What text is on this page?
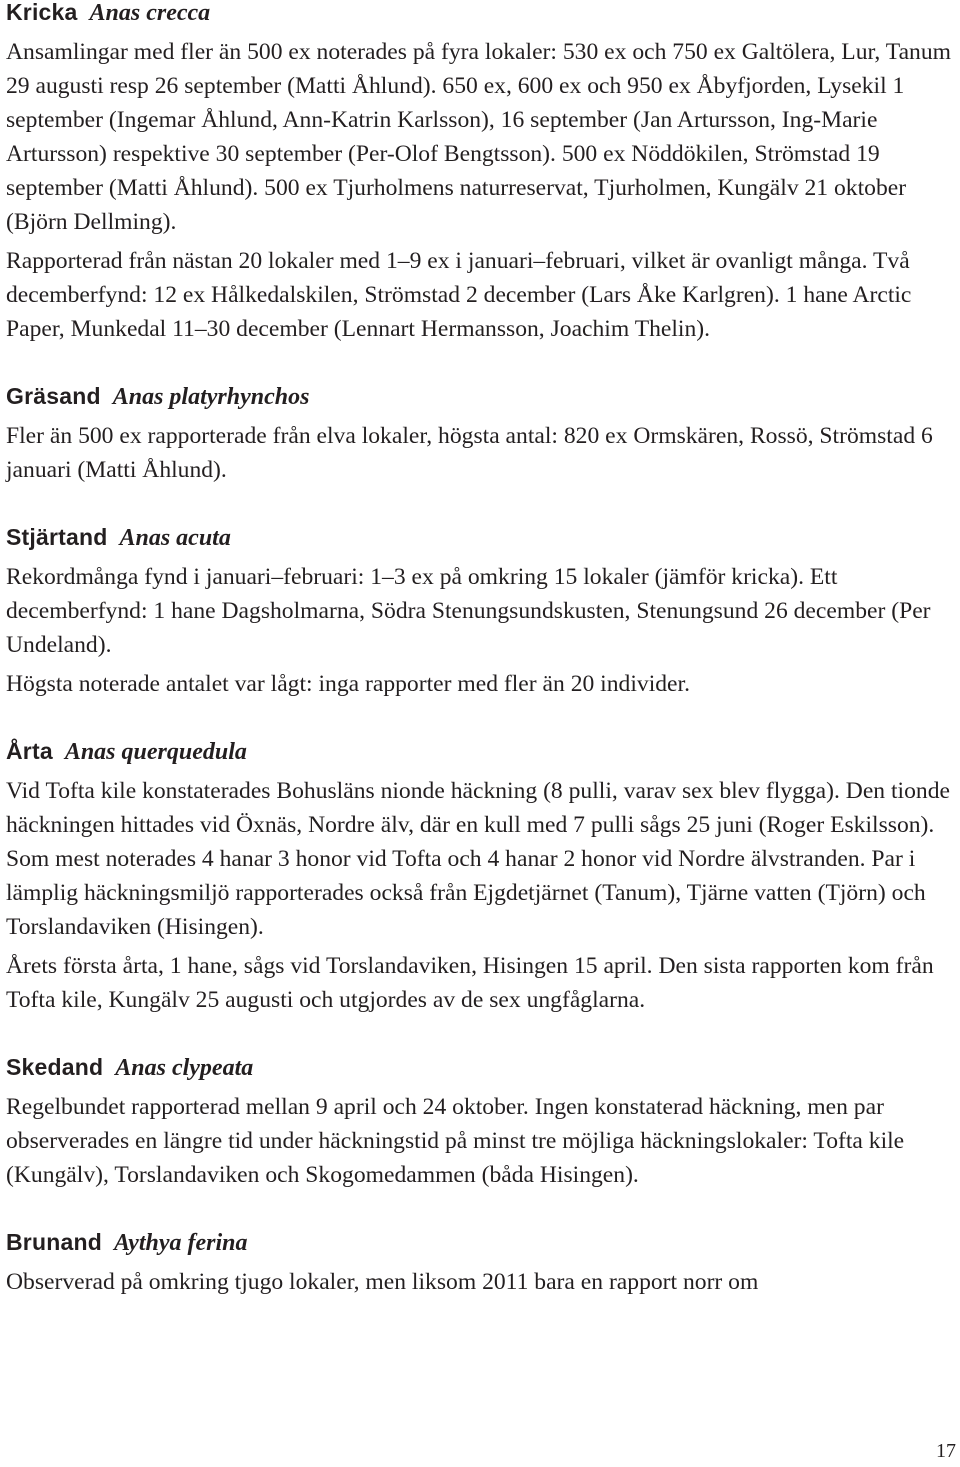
Kricka Anas crecca

Ansamlingar med fler än 500 ex noterades på fyra lokaler: 530 ex och 750 ex Galtölera, Lur, Tanum 29 augusti resp 26 september (Matti Åhlund). 650 ex, 600 ex och 950 ex Åbyfjorden, Lysekil 1 september (Ingemar Åhlund, Ann-Katrin Karlsson), 16 september (Jan Artursson, Ing-Marie Artursson) respektive 30 september (Per-Olof Bengtsson). 500 ex Nöddökilen, Strömstad 19 september (Matti Åhlund). 500 ex Tjurholmens naturreservat, Tjurholmen, Kungälv 21 oktober (Björn Dellming).

Rapporterad från nästan 20 lokaler med 1–9 ex i januari–februari, vilket är ovanligt många. Två decemberfynd: 12 ex Hålkedalskilen, Strömstad 2 december (Lars Åke Karlgren). 1 hane Arctic Paper, Munkedal 11–30 december (Lennart Hermansson, Joachim Thelin).

Gräsand Anas platyrhynchos

Fler än 500 ex rapporterade från elva lokaler, högsta antal: 820 ex Ormskären, Rossö, Strömstad 6 januari (Matti Åhlund).

Stjärtand Anas acuta

Rekordmånga fynd i januari–februari: 1–3 ex på omkring 15 lokaler (jämför kricka). Ett decemberfynd: 1 hane Dagsholmarna, Södra Stenungsundskusten, Stenungsund 26 december (Per Undeland).

Högsta noterade antalet var lågt: inga rapporter med fler än 20 individer.

Årta Anas querquedula

Vid Tofta kile konstaterades Bohusläns nionde häckning (8 pulli, varav sex blev flygga). Den tionde häckningen hittades vid Öxnäs, Nordre älv, där en kull med 7 pulli sågs 25 juni (Roger Eskilsson). Som mest noterades 4 hanar 3 honor vid Tofta och 4 hanar 2 honor vid Nordre älvstranden. Par i lämplig häckningsmiljö rapporterades också från Ejgdetjärnet (Tanum), Tjärne vatten (Tjörn) och Torslandaviken (Hisingen).

Årets första årta, 1 hane, sågs vid Torslandaviken, Hisingen 15 april. Den sista rapporten kom från Tofta kile, Kungälv 25 augusti och utgjordes av de sex ungfåglarna.

Skedand Anas clypeata

Regelbundet rapporterad mellan 9 april och 24 oktober. Ingen konstaterad häckning, men par observerades en längre tid under häckningstid på minst tre möjliga häckningslokaler: Tofta kile (Kungälv), Torslandaviken och Skogomedammen (båda Hisingen).

Brunand Aythya ferina

Observerad på omkring tjugo lokaler, men liksom 2011 bara en rapport norr om

17
